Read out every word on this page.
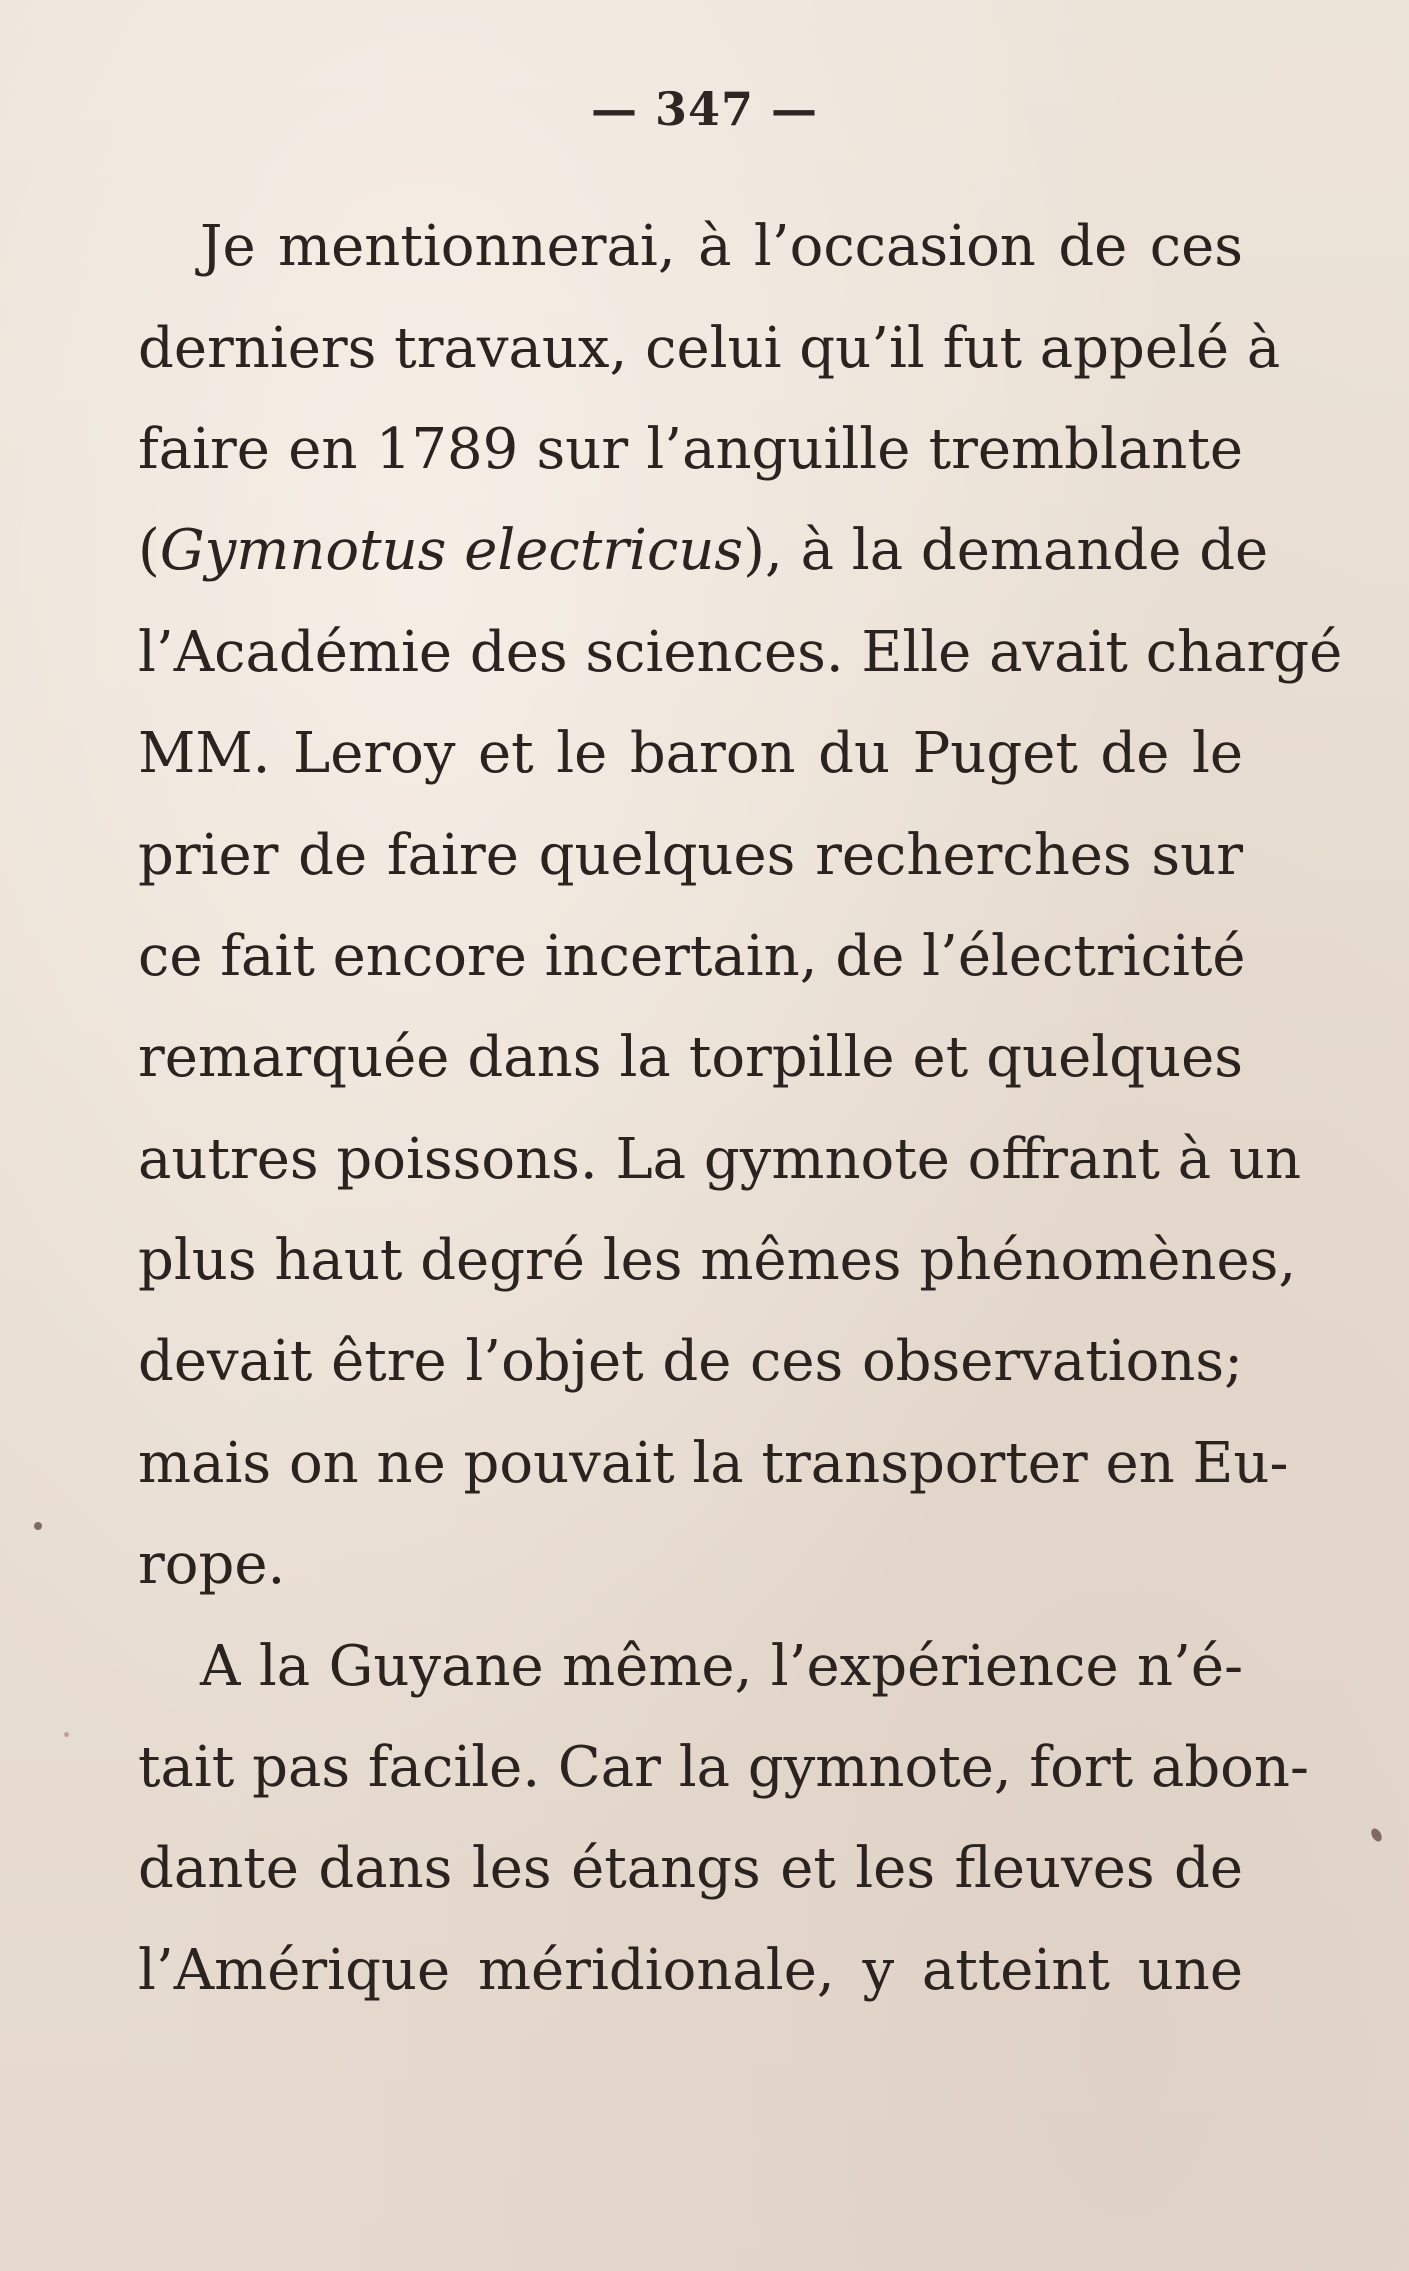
— 347 —
Je mentionnerai, à l’occasion de ces
derniers travaux, celui qu’il fut appelé à
faire en 1789 sur l’anguille tremblante
(Gymnotus electricus), à la demande de
l’Académie des sciences. Elle avait chargé
MM. Leroy et le baron du Puget de le
prier de faire quelques recherches sur
ce fait encore incertain, de l’électricité
remarquée dans la torpille et quelques
autres poissons. La gymnote offrant à un
plus haut degré les mêmes phénomènes,
devait être l’objet de ces observations;
mais on ne pouvait la transporter en Eu-
rope.
A la Guyane même, l’expérience n’é-
tait pas facile. Car la gymnote, fort abon-
dante dans les étangs et les fleuves de
l’Amérique méridionale, y atteint une
